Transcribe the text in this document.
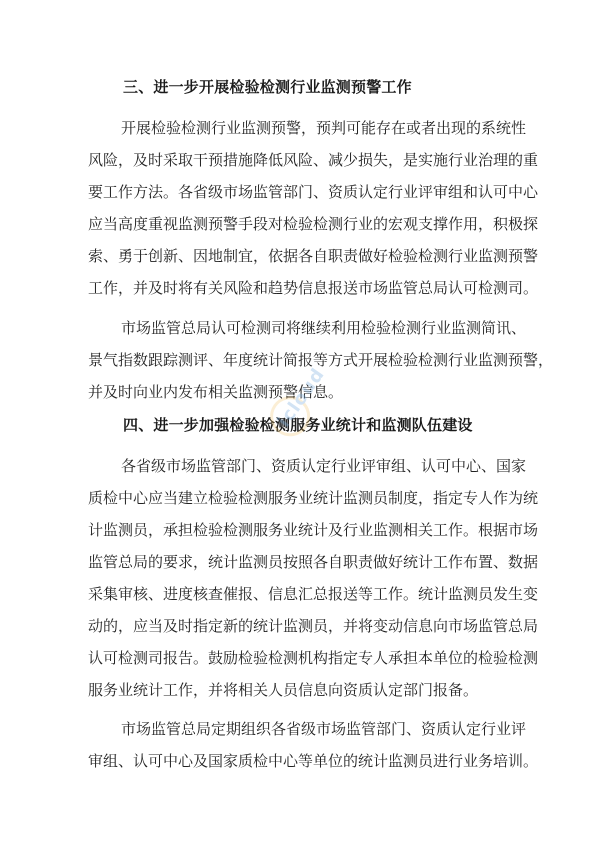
三、进一步开展检验检测行业监测预警工作
开展检验检测行业监测预警，预判可能存在或者出现的系统性
风险，及时采取干预措施降低风险、减少损失，是实施行业治理的重
要工作方法。各省级市场监管部门、资质认定行业评审组和认可中心
应当高度重视监测预警手段对检验检测行业的宏观支撑作用，积极探
索、勇于创新、因地制宜，依据各自职责做好检验检测行业监测预警
工作，并及时将有关风险和趋势信息报送市场监管总局认可检测司。
市场监管总局认可检测司将继续利用检验检测行业监测简讯、
景气指数跟踪测评、年度统计简报等方式开展检验检测行业监测预警，
并及时向业内发布相关监测预警信息。
四、进一步加强检验检测服务业统计和监测队伍建设
各省级市场监管部门、资质认定行业评审组、认可中心、国家
质检中心应当建立检验检测服务业统计监测员制度，指定专人作为统
计监测员，承担检验检测服务业统计及行业监测相关工作。根据市场
监管总局的要求，统计监测员按照各自职责做好统计工作布置、数据
采集审核、进度核查催报、信息汇总报送等工作。统计监测员发生变
动的，应当及时指定新的统计监测员，并将变动信息向市场监管总局
认可检测司报告。鼓励检验检测机构指定专人承担本单位的检验检测
服务业统计工作，并将相关人员信息向资质认定部门报备。
市场监管总局定期组织各省级市场监管部门、资质认定行业评
审组、认可中心及国家质检中心等单位的统计监测员进行业务培训。
icloud
